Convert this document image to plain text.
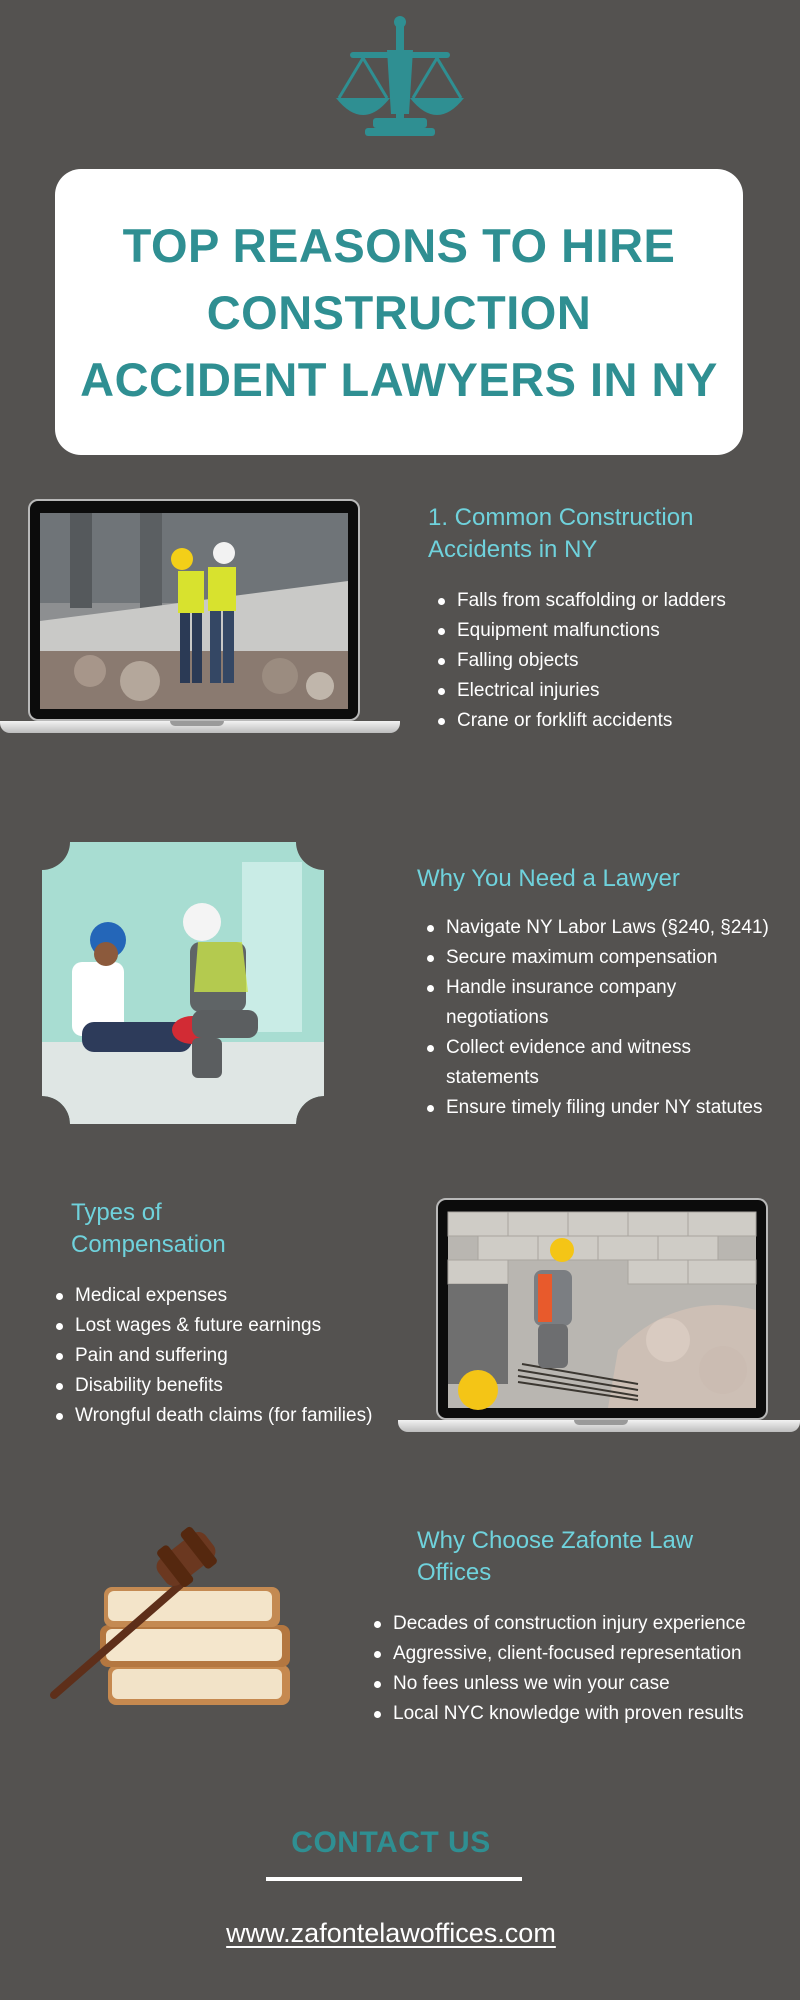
TOP REASONS TO HIRE
CONSTRUCTION
ACCIDENT LAWYERS IN NY
1. Common Construction
Accidents in NY
Falls from scaffolding or ladders
Equipment malfunctions
Falling objects
Electrical injuries
Crane or forklift accidents
Why You Need a Lawyer
Navigate NY Labor Laws (§240, §241)
Secure maximum compensation
Handle insurance company negotiations
Collect evidence and witness statements
Ensure timely filing under NY statutes
Types of
Compensation
Medical expenses
Lost wages & future earnings
Pain and suffering
Disability benefits
Wrongful death claims (for families)
Why Choose Zafonte Law
Offices
Decades of construction injury experience
Aggressive, client-focused representation
No fees unless we win your case
Local NYC knowledge with proven results
CONTACT US
www.zafontelawoffices.com
